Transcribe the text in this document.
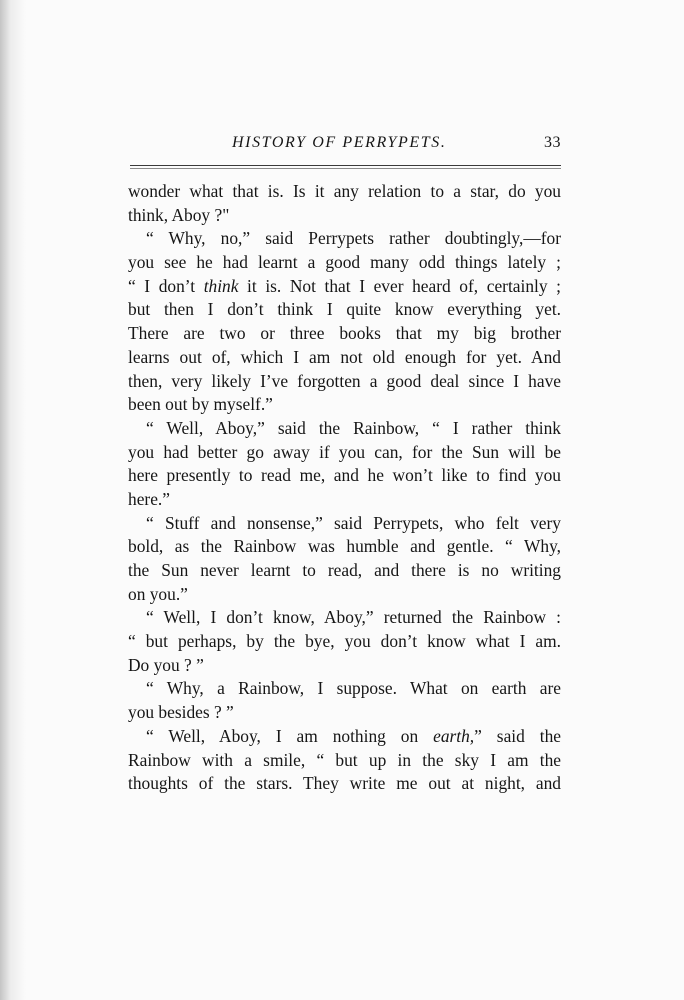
HISTORY OF PERRYPETS.	33
wonder what that is. Is it any relation to a star, do you
think, Aboy ?"
“ Why, no,” said Perrypets rather doubtingly,—for
you see he had learnt a good many odd things lately ;
“ I don’t think it is. Not that I ever heard of, certainly ;
but then I don’t think I quite know everything yet.
There are two or three books that my big brother
learns out of, which I am not old enough for yet. And
then, very likely I’ve forgotten a good deal since I have
been out by myself.”
“ Well, Aboy,” said the Rainbow, “ I rather think
you had better go away if you can, for the Sun will be
here presently to read me, and he won’t like to find you
here.”
“ Stuff and nonsense,” said Perrypets, who felt very
bold, as the Rainbow was humble and gentle. “ Why,
the Sun never learnt to read, and there is no writing
on you.”
“ Well, I don’t know, Aboy,” returned the Rainbow :
“ but perhaps, by the bye, you don’t know what I am.
Do you ? ”
“ Why, a Rainbow, I suppose. What on earth are
you besides ? ”
“ Well, Aboy, I am nothing on earth,” said the
Rainbow with a smile, “ but up in the sky I am the
thoughts of the stars. They write me out at night, and
